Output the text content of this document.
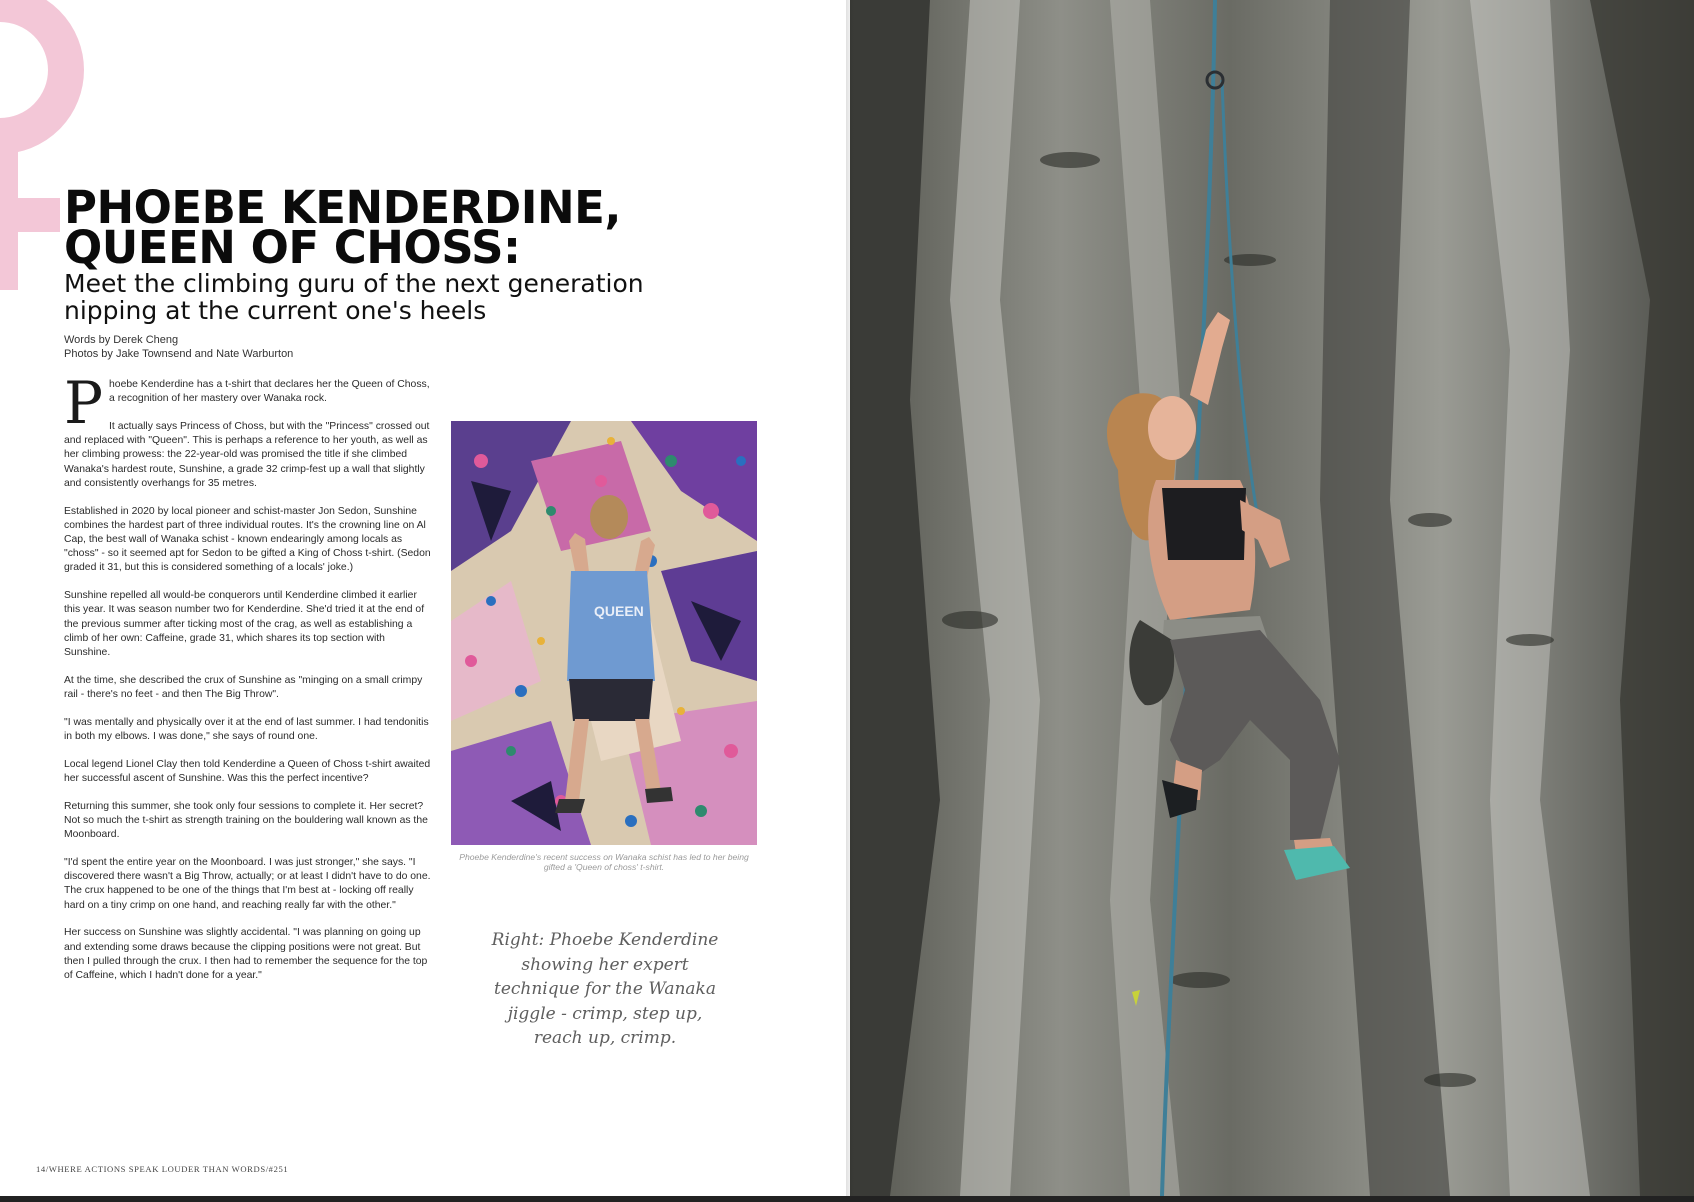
PHOEBE KENDERDINE,
QUEEN OF CHOSS:
Meet the climbing guru of the next generation
nipping at the current one's heels
Words by Derek Cheng
Photos by Jake Townsend and Nate Warburton

P hoebe Kenderdine has a t-shirt that declares her the Queen of Choss, a recognition of her mastery over Wanaka rock.

It actually says Princess of Choss, but with the "Princess" crossed out and replaced with "Queen". This is perhaps a reference to her youth, as well as her climbing prowess: the 22-year-old was promised the title if she climbed Wanaka's hardest route, Sunshine, a grade 32 crimp-fest up a wall that slightly and consistently overhangs for 35 metres.

Established in 2020 by local pioneer and schist-master Jon Sedon, Sunshine combines the hardest part of three individual routes. It's the crowning line on Al Cap, the best wall of Wanaka schist - known endearingly among locals as "choss" - so it seemed apt for Sedon to be gifted a King of Choss t-shirt. (Sedon graded it 31, but this is considered something of a locals' joke.)

Sunshine repelled all would-be conquerors until Kenderdine climbed it earlier this year. It was season number two for Kenderdine. She'd tried it at the end of the previous summer after ticking most of the crag, as well as establishing a climb of her own: Caffeine, grade 31, which shares its top section with Sunshine.

At the time, she described the crux of Sunshine as "minging on a small crimpy rail - there's no feet - and then The Big Throw".

"I was mentally and physically over it at the end of last summer. I had tendonitis in both my elbows. I was done," she says of round one.

Local legend Lionel Clay then told Kenderdine a Queen of Choss t-shirt awaited her successful ascent of Sunshine. Was this the perfect incentive?

Returning this summer, she took only four sessions to complete it. Her secret? Not so much the t-shirt as strength training on the bouldering wall known as the Moonboard.

"I'd spent the entire year on the Moonboard. I was just stronger," she says. "I discovered there wasn't a Big Throw, actually; or at least I didn't have to do one. The crux happened to be one of the things that I'm best at - locking off really hard on a tiny crimp on one hand, and reaching really far with the other."

Her success on Sunshine was slightly accidental. "I was planning on going up and extending some draws because the clipping positions were not great. But then I pulled through the crux. I then had to remember the sequence for the top of Caffeine, which I hadn't done for a year."

QUEEN
Phoebe Kenderdine's recent success on Wanaka schist has led to her being gifted a 'Queen of choss' t-shirt.
Right: Phoebe Kenderdine
showing her expert
technique for the Wanaka
jiggle - crimp, step up,
reach up, crimp.
14/WHERE ACTIONS SPEAK LOUDER THAN WORDS/#251
